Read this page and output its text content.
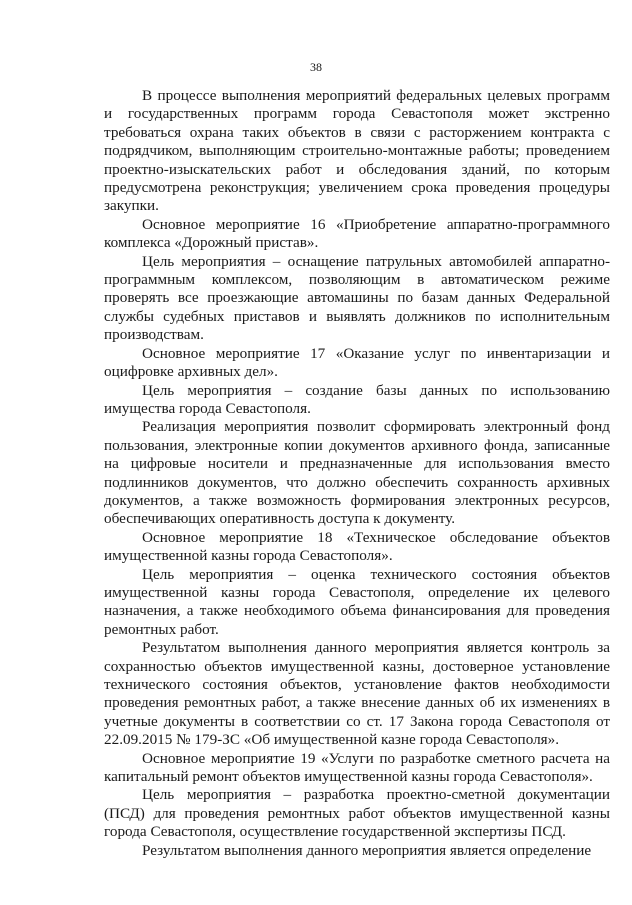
38

В процессе выполнения мероприятий федеральных целевых программ и государственных программ города Севастополя может экстренно требоваться охрана таких объектов в связи с расторжением контракта с подрядчиком, выполняющим строительно-монтажные работы; проведением проектно-изыскательских работ и обследования зданий, по которым предусмотрена реконструкция; увеличением срока проведения процедуры закупки.

Основное мероприятие 16 «Приобретение аппаратно-программного комплекса «Дорожный пристав».

Цель мероприятия – оснащение патрульных автомобилей аппаратно-программным комплексом, позволяющим в автоматическом режиме проверять все проезжающие автомашины по базам данных Федеральной службы судебных приставов и выявлять должников по исполнительным производствам.

Основное мероприятие 17 «Оказание услуг по инвентаризации и оцифровке архивных дел».

Цель мероприятия – создание базы данных по использованию имущества города Севастополя.

Реализация мероприятия позволит сформировать электронный фонд пользования, электронные копии документов архивного фонда, записанные на цифровые носители и предназначенные для использования вместо подлинников документов, что должно обеспечить сохранность архивных документов, а также возможность формирования электронных ресурсов, обеспечивающих оперативность доступа к документу.

Основное мероприятие 18 «Техническое обследование объектов имущественной казны города Севастополя».

Цель мероприятия – оценка технического состояния объектов имущественной казны города Севастополя, определение их целевого назначения, а также необходимого объема финансирования для проведения ремонтных работ.

Результатом выполнения данного мероприятия является контроль за сохранностью объектов имущественной казны, достоверное установление технического состояния объектов, установление фактов необходимости проведения ремонтных работ, а также внесение данных об их изменениях в учетные документы в соответствии со ст. 17 Закона города Севастополя от 22.09.2015 № 179-ЗС «Об имущественной казне города Севастополя».

Основное мероприятие 19 «Услуги по разработке сметного расчета на капитальный ремонт объектов имущественной казны города Севастополя».

Цель мероприятия – разработка проектно-сметной документации (ПСД) для проведения ремонтных работ объектов имущественной казны города Севастополя, осуществление государственной экспертизы ПСД.

Результатом выполнения данного мероприятия является определение
